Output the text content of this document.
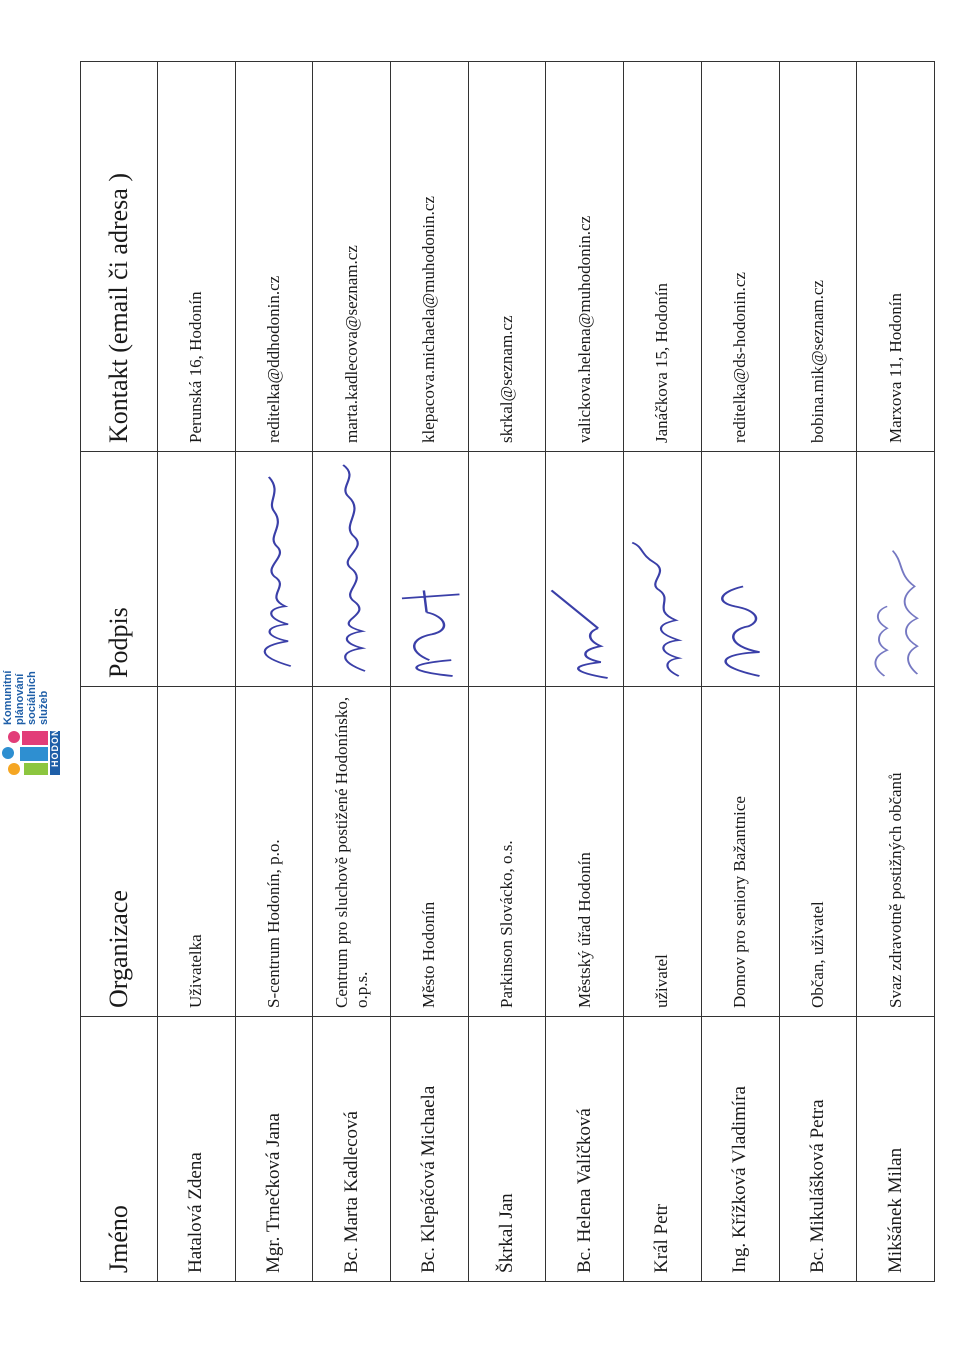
Komunitní plánování sociálních služeb
HODONÍN
Jméno	Organizace	Podpis	Kontakt (email či adresa )
Hatalová Zdena	Uživatelka		Perunská 16, Hodonín
Mgr. Trnečková Jana	S-centrum Hodonín, p.o.		reditelka@ddhodonin.cz
Bc. Marta Kadlecová	Centrum pro sluchově postižené Hodonínsko, o.p.s.		marta.kadlecova@seznam.cz
Bc. Klepáčová Michaela	Město Hodonín		klepacova.michaela@muhodonin.cz
Škrkal Jan	Parkinson Slovácko, o.s.		skrkal@seznam.cz
Bc. Helena Valíčková	Městský úřad Hodonín		valickova.helena@muhodonin.cz
Král Petr	uživatel		Janáčkova 15, Hodonín
Ing. Křížková Vladimíra	Domov pro seniory Bažantnice		reditelka@ds-hodonin.cz
Bc. Mikulášková Petra	Občan, uživatel		bobina.mik@seznam.cz
Mikšánek Milan	Svaz zdravotně postižných občanů		Marxova 11, Hodonín
